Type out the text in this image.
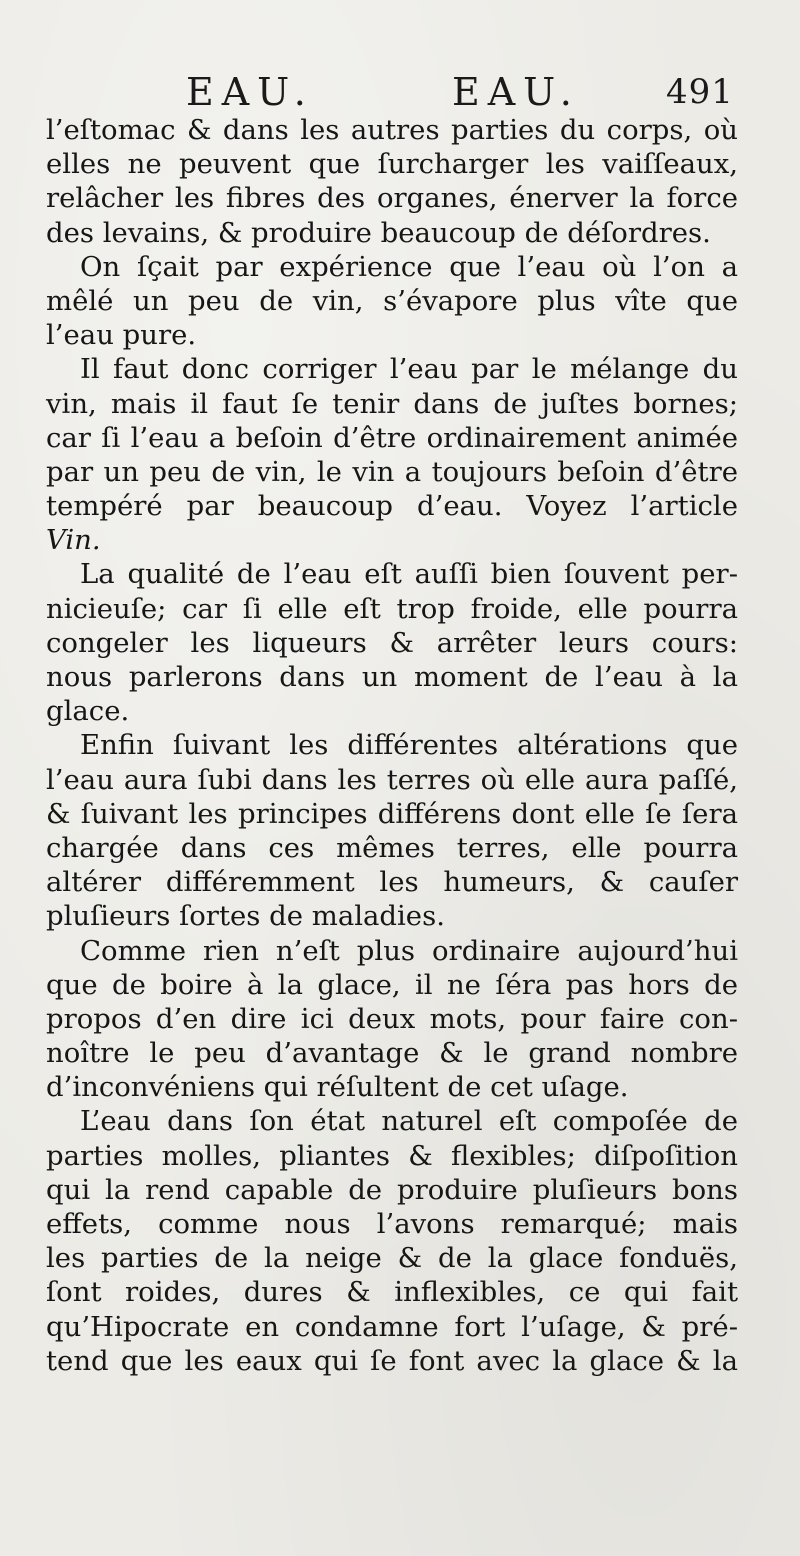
EAU.	EAU.	491
l’eſtomac & dans les autres parties du corps, où
elles ne peuvent que ſurcharger les vaiſſeaux,
relâcher les fibres des organes, énerver la force
des levains, & produire beaucoup de déſordres.
On ſçait par expérience que l’eau où l’on a
mêlé un peu de vin, s’évapore plus vîte que
l’eau pure.
Il faut donc corriger l’eau par le mélange du
vin, mais il faut ſe tenir dans de juſtes bornes;
car ſi l’eau a beſoin d’être ordinairement animée
par un peu de vin, le vin a toujours beſoin d’être
tempéré par beaucoup d’eau. Voyez l’article
Vin.
La qualité de l’eau eſt auſſi bien ſouvent per-
nicieuſe; car ſi elle eſt trop froide, elle pourra
congeler les liqueurs & arrêter leurs cours:
nous parlerons dans un moment de l’eau à la
glace.
Enfin ſuivant les différentes altérations que
l’eau aura ſubi dans les terres où elle aura paſſé,
& ſuivant les principes différens dont elle ſe ſera
chargée dans ces mêmes terres, elle pourra
altérer différemment les humeurs, & cauſer
pluſieurs ſortes de maladies.
Comme rien n’eſt plus ordinaire aujourd’hui
que de boire à la glace, il ne ſéra pas hors de
propos d’en dire ici deux mots, pour faire con-
noître le peu d’avantage & le grand nombre
d’inconvéniens qui réſultent de cet uſage.
L’eau dans ſon état naturel eſt compoſée de
parties molles, pliantes & flexibles; diſpoſition
qui la rend capable de produire pluſieurs bons
effets, comme nous l’avons remarqué; mais
les parties de la neige & de la glace fonduës,
ſont roides, dures & inflexibles, ce qui fait
qu’Hipocrate en condamne fort l’uſage, & pré-
tend que les eaux qui ſe font avec la glace & la
